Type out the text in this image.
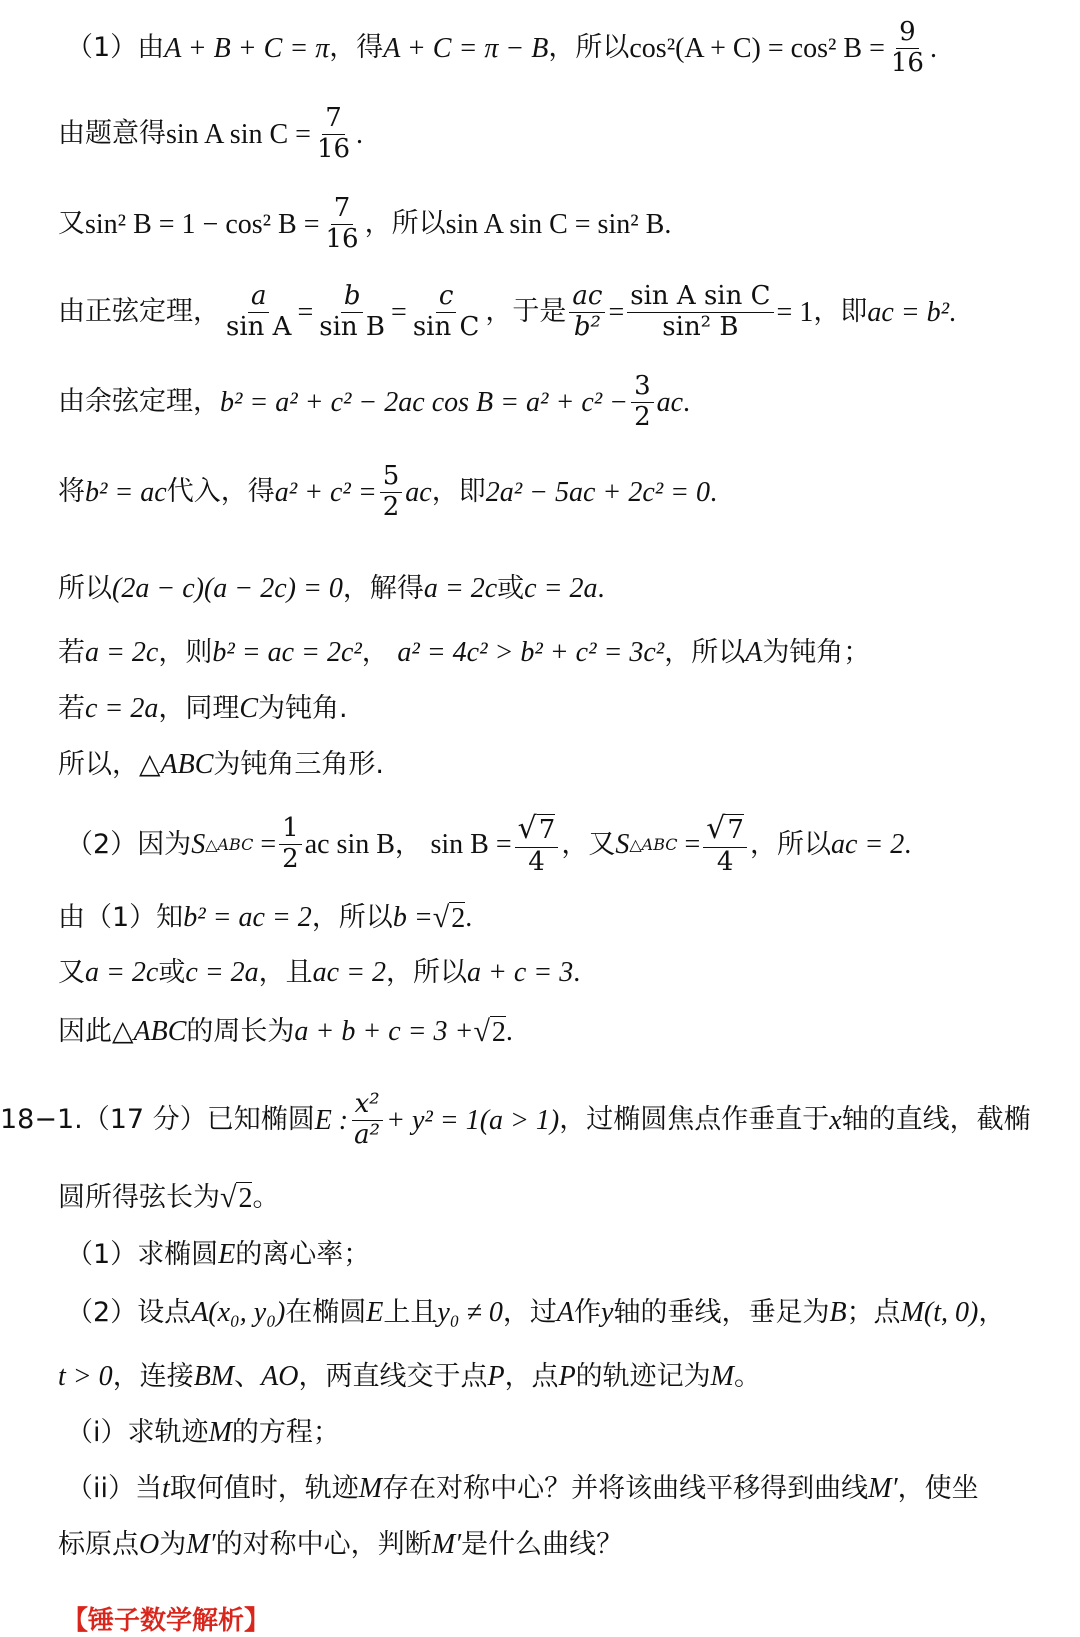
（1） 由 A + B + C = π ，得 A + C = π − B ，所以 cos²(A + C) = cos² $B = \frac{9}{16}$ .
由题意得 sin A $\sin C = \frac{7}{16}$ .
又 sin² B = 1 − cos² $B = \frac{7}{16}$ ，所以 sin A sin C = sin² B .
由正弦定理， $\frac{a}{\text{sin A}} = \frac{b}{\text{sin B}} = \frac{c}{\text{sin C}}$ ，于是 $\frac{ac}{\text{b²}} = \frac{\text{sin A sin C}}{\text{sin² B}} = 1$ ，即 ac = b² .
由余弦定理， b² = a² + c² − 2ac $\cos B = a^2 + c^2 - \frac{3}{2}$ ac .
将 b² = ac 代入，得 $a^2 + c^2 = \frac{5}{2}$ ac ，即 2a² − 5ac + 2c² = 0 .
所以 (2a − c)(a − 2c) = 0 ，解得 a = 2c 或 c = 2a .
若 a = 2c ，则 b² = ac = 2c² ， a² = 4c² > b² + c² = 3c² ，所以 A 为钝角；
若 c = 2a ，同理 C 为钝角.
所以， △ABC 为钝角三角形.
（2） 因为 S △ABC = $\frac{1}{2}$ ac sin B ， $\sin B = \frac{√7}{4}$ ，又 S △ABC = $\frac{√7}{4}$ ，所以 ac = 2 .
由（1）知 b² = ac = 2 ，所以 b = √2 .
又 a = 2c 或 c = 2a ，且 ac = 2 ，所以 a + c = 3 .
因此 △ABC 的周长为 a + b + c = 3 + √2 .
18−1. （17 分） 已知椭圆 E : $\frac{\text{x²}}{\text{a²}} + y^2 = 1(a > 1)$ ，过椭圆焦点作垂直于 x 轴的直线，截椭
圆所得弦长为 √2 。
（1） 求椭圆 E 的离心率；
（2） 设点 A(x₀, y₀) 在椭圆 E 上且 y₀ ≠ 0 ，过 A 作 y 轴的垂线，垂足为 B ；点 M(t, 0) ，
t > 0 ，连接 BM 、 AO ，两直线交于点 P ，点 P 的轨迹记为 M 。
（i） 求轨迹 M 的方程；
（ii） 当 t 取何值时，轨迹 M 存在对称中心？并将该曲线平移得到曲线 M′ ，使坐
标原点 O 为 M′ 的对称中心，判断 M′ 是什么曲线？
【锤子数学解析】
